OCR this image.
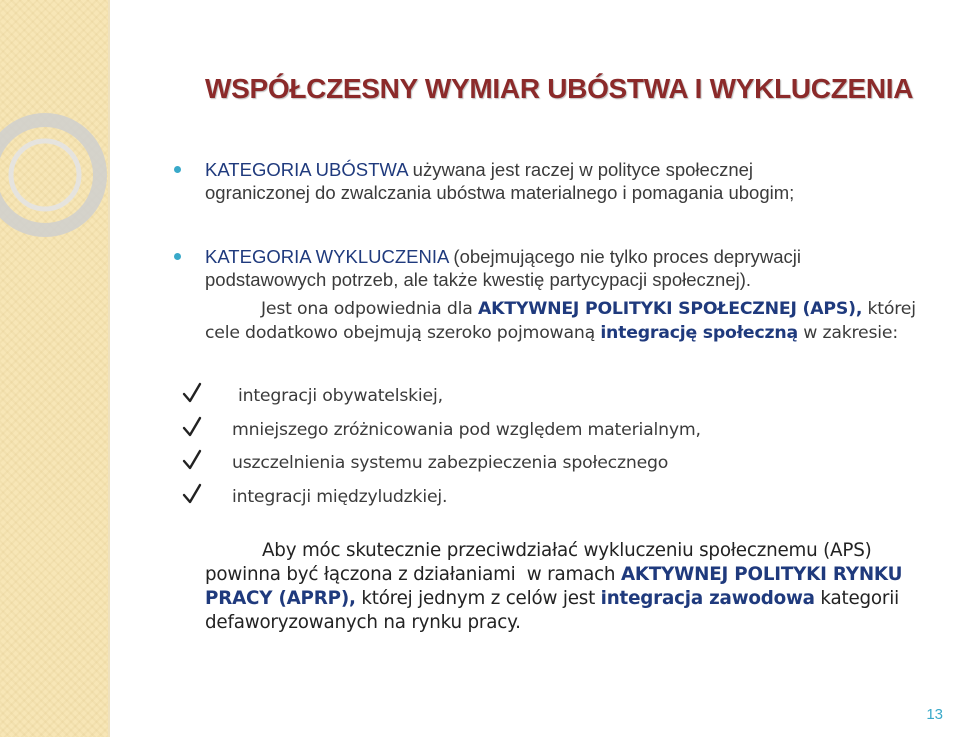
WSPÓŁCZESNY WYMIAR UBÓSTWA I WYKLUCZENIA
KATEGORIA UBÓSTWA używana jest raczej w polityce społecznej
ograniczonej do zwalczania ubóstwa materialnego i pomagania ubogim;
KATEGORIA WYKLUCZENIA (obejmującego nie tylko proces deprywacji
podstawowych potrzeb, ale także kwestię partycypacji społecznej).
Jest ona odpowiednia dla AKTYWNEJ POLITYKI SPOŁECZNEJ (APS), której cele dodatkowo obejmują szeroko pojmowaną integrację społeczną w zakresie:
integracji obywatelskiej,
mniejszego zróżnicowania pod względem materialnym,
uszczelnienia systemu zabezpieczenia społecznego
integracji międzyludzkiej.
Aby móc skutecznie przeciwdziałać wykluczeniu społecznemu (APS)
powinna być łączona z działaniami  w ramach AKTYWNEJ POLITYKI RYNKU PRACY (APRP), której jednym z celów jest integracja zawodowa kategorii defaworyzowanych na rynku pracy.
13
